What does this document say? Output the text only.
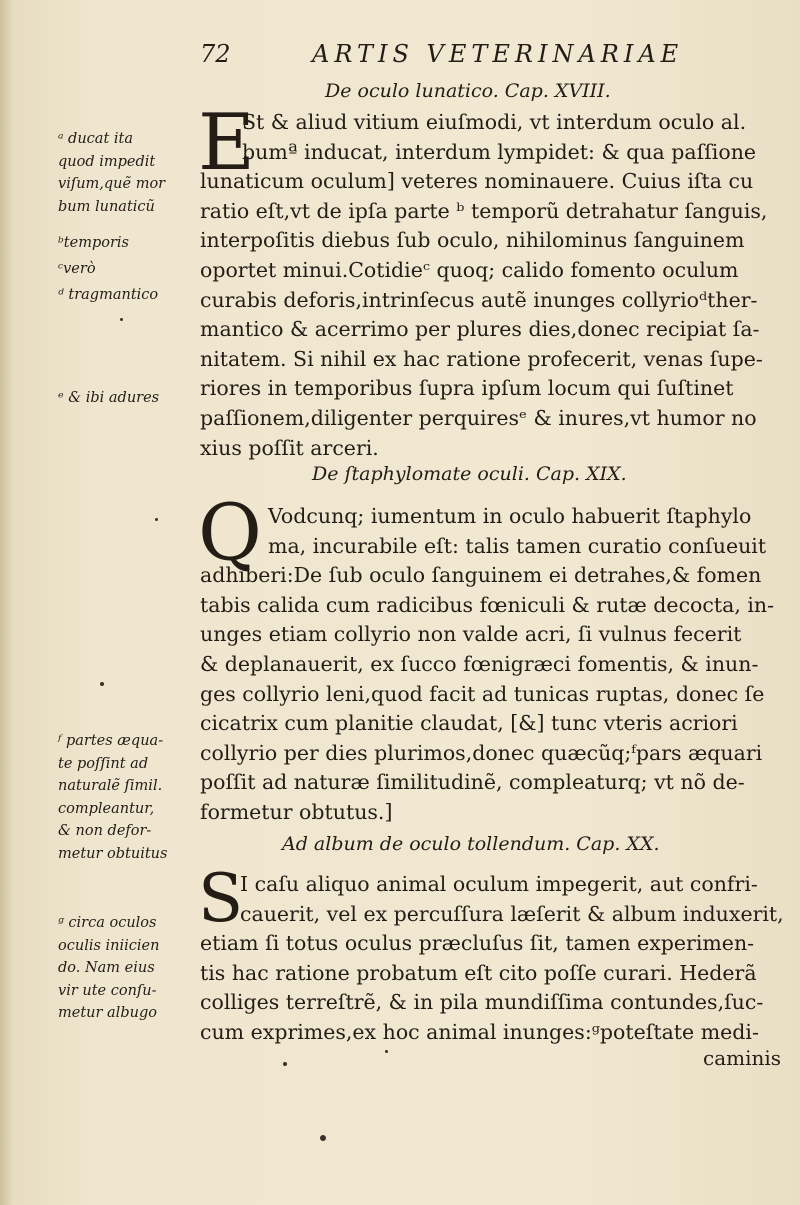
72	ARTIS VETERINARIAE
De oculo lunatico. Cap. XVIII.
E
St & aliud vitium eiuſmodi, vt interdum oculo al.
bumª inducat, interdum lympidet: & qua paſſione
lunaticum oculum] veteres nominauere. Cuius iſta cu
ratio eſt,vt de ipſa parte ᵇ temporũ detrahatur ſanguis,
interpoſitis diebus ſub oculo, nihilominus ſanguinem
oportet minui.Cotidieᶜ quoq; calido fomento oculum
curabis deforis,intrinſecus autẽ inunges collyrioᵈther-
mantico & acerrimo per plures dies,donec recipiat ſa-
nitatem. Si nihil ex hac ratione profecerit, venas ſupe-
riores in temporibus ſupra ipſum locum qui ſuſtinet
paſſionem,diligenter perquiresᵉ & inures,vt humor no
xius poſſit arceri.
De ſtaphylomate oculi. Cap. XIX.
Q Vodcunq; iumentum in oculo habuerit ſtaphylo
ma, incurabile eſt: talis tamen curatio conſueuit
adhiberi:De ſub oculo ſanguinem ei detrahes,& fomen
tabis calida cum radicibus fœniculi & rutæ decocta, in-
unges etiam collyrio non valde acri, ſi vulnus fecerit
& deplanauerit, ex ſucco fœnigræci fomentis, & inun-
ges collyrio leni,quod facit ad tunicas ruptas, donec ſe
cicatrix cum planitie claudat, [&] tunc vteris acriori
collyrio per dies plurimos,donec quæcũq;ᶠpars æquari
poſſit ad naturæ ſimilitudinẽ, compleaturq; vt nõ de-
formetur obtutus.]
Ad album de oculo tollendum. Cap. XX.
S
I caſu aliquo animal oculum impegerit, aut confri-
cauerit, vel ex percuſſura læſerit & album induxerit,
etiam ſi totus oculus præcluſus ſit, tamen experimen-
tis hac ratione probatum eſt cito poſſe curari. Hederã
colliges terreſtrẽ, & in pila mundiſſima contundes,ſuc-
cum exprimes,ex hoc animal inunges:ᵍpoteſtate medi-
caminis
ᵃ ducat ita
quod impedit
viſum,quẽ mor
bum lunaticũ
ᵇtemporis
ᶜverò
ᵈ tragmantico
ᵉ & ibi adures
ᶠ partes æqua-
te poſſint ad
naturalẽ ſimil.
compleantur,
& non defor-
metur obtuitus
ᵍ circa oculos
oculis iniicien
do. Nam eius
vir ute conſu-
metur albugo
